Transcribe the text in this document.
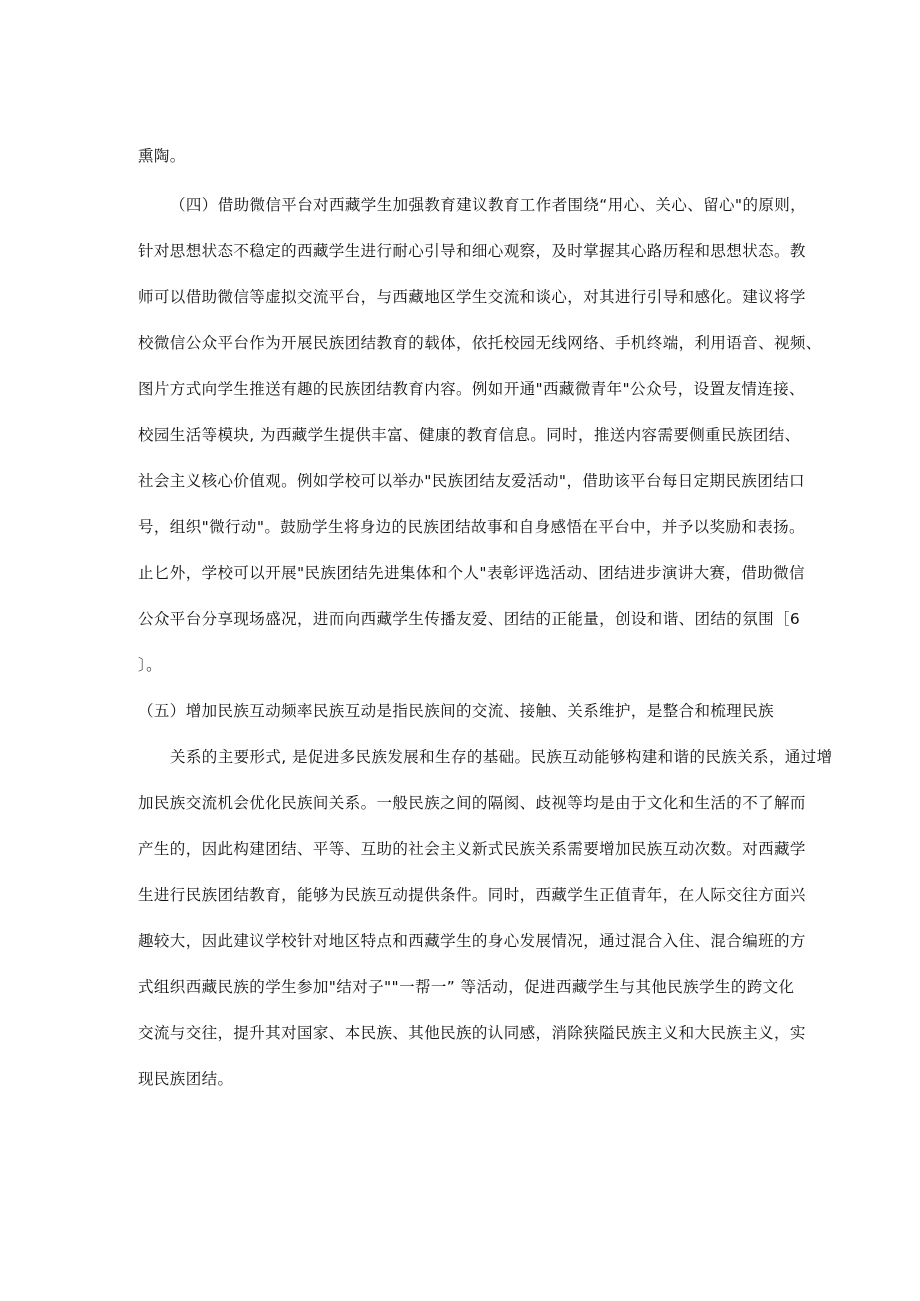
熏陶。
（四）借助微信平台对西藏学生加强教育建议教育工作者围绕“用心、关心、留心"的原则，
针对思想状态不稳定的西藏学生进行耐心引导和细心观察，及时掌握其心路历程和思想状态。教
师可以借助微信等虚拟交流平台，与西藏地区学生交流和谈心，对其进行引导和感化。建议将学
校微信公众平台作为开展民族团结教育的载体，依托校园无线网络、手机终端，利用语音、视频、
图片方式向学生推送有趣的民族团结教育内容。例如开通"西藏微青年"公众号，设置友情连接、
校园生活等模块, 为西藏学生提供丰富、健康的教育信息。同时，推送内容需要侧重民族团结、
社会主义核心价值观。例如学校可以举办"民族团结友爱活动"，借助该平台每日定期民族团结口
号，组织"微行动"。鼓励学生将身边的民族团结故事和自身感悟在平台中，并予以奖励和表扬。
止匕外，学校可以开展"民族团结先进集体和个人"表彰评选活动、团结进步演讲大赛，借助微信
公众平台分享现场盛况，进而向西藏学生传播友爱、团结的正能量，创设和谐、团结的氛围［6
〕。
（五）增加民族互动频率民族互动是指民族间的交流、接触、关系维护，是整合和梳理民族
关系的主要形式, 是促进多民族发展和生存的基础。民族互动能够构建和谐的民族关系，通过增
加民族交流机会优化民族间关系。一般民族之间的隔阂、歧视等均是由于文化和生活的不了解而
产生的，因此构建团结、平等、互助的社会主义新式民族关系需要增加民族互动次数。对西藏学
生进行民族团结教育，能够为民族互动提供条件。同时，西藏学生正值青年，在人际交往方面兴
趣较大，因此建议学校针对地区特点和西藏学生的身心发展情况，通过混合入住、混合编班的方
式组织西藏民族的学生参加"结对子""一帮一” 等活动，促进西藏学生与其他民族学生的跨文化
交流与交往，提升其对国家、本民族、其他民族的认同感，消除狭隘民族主义和大民族主义，实
现民族团结。
